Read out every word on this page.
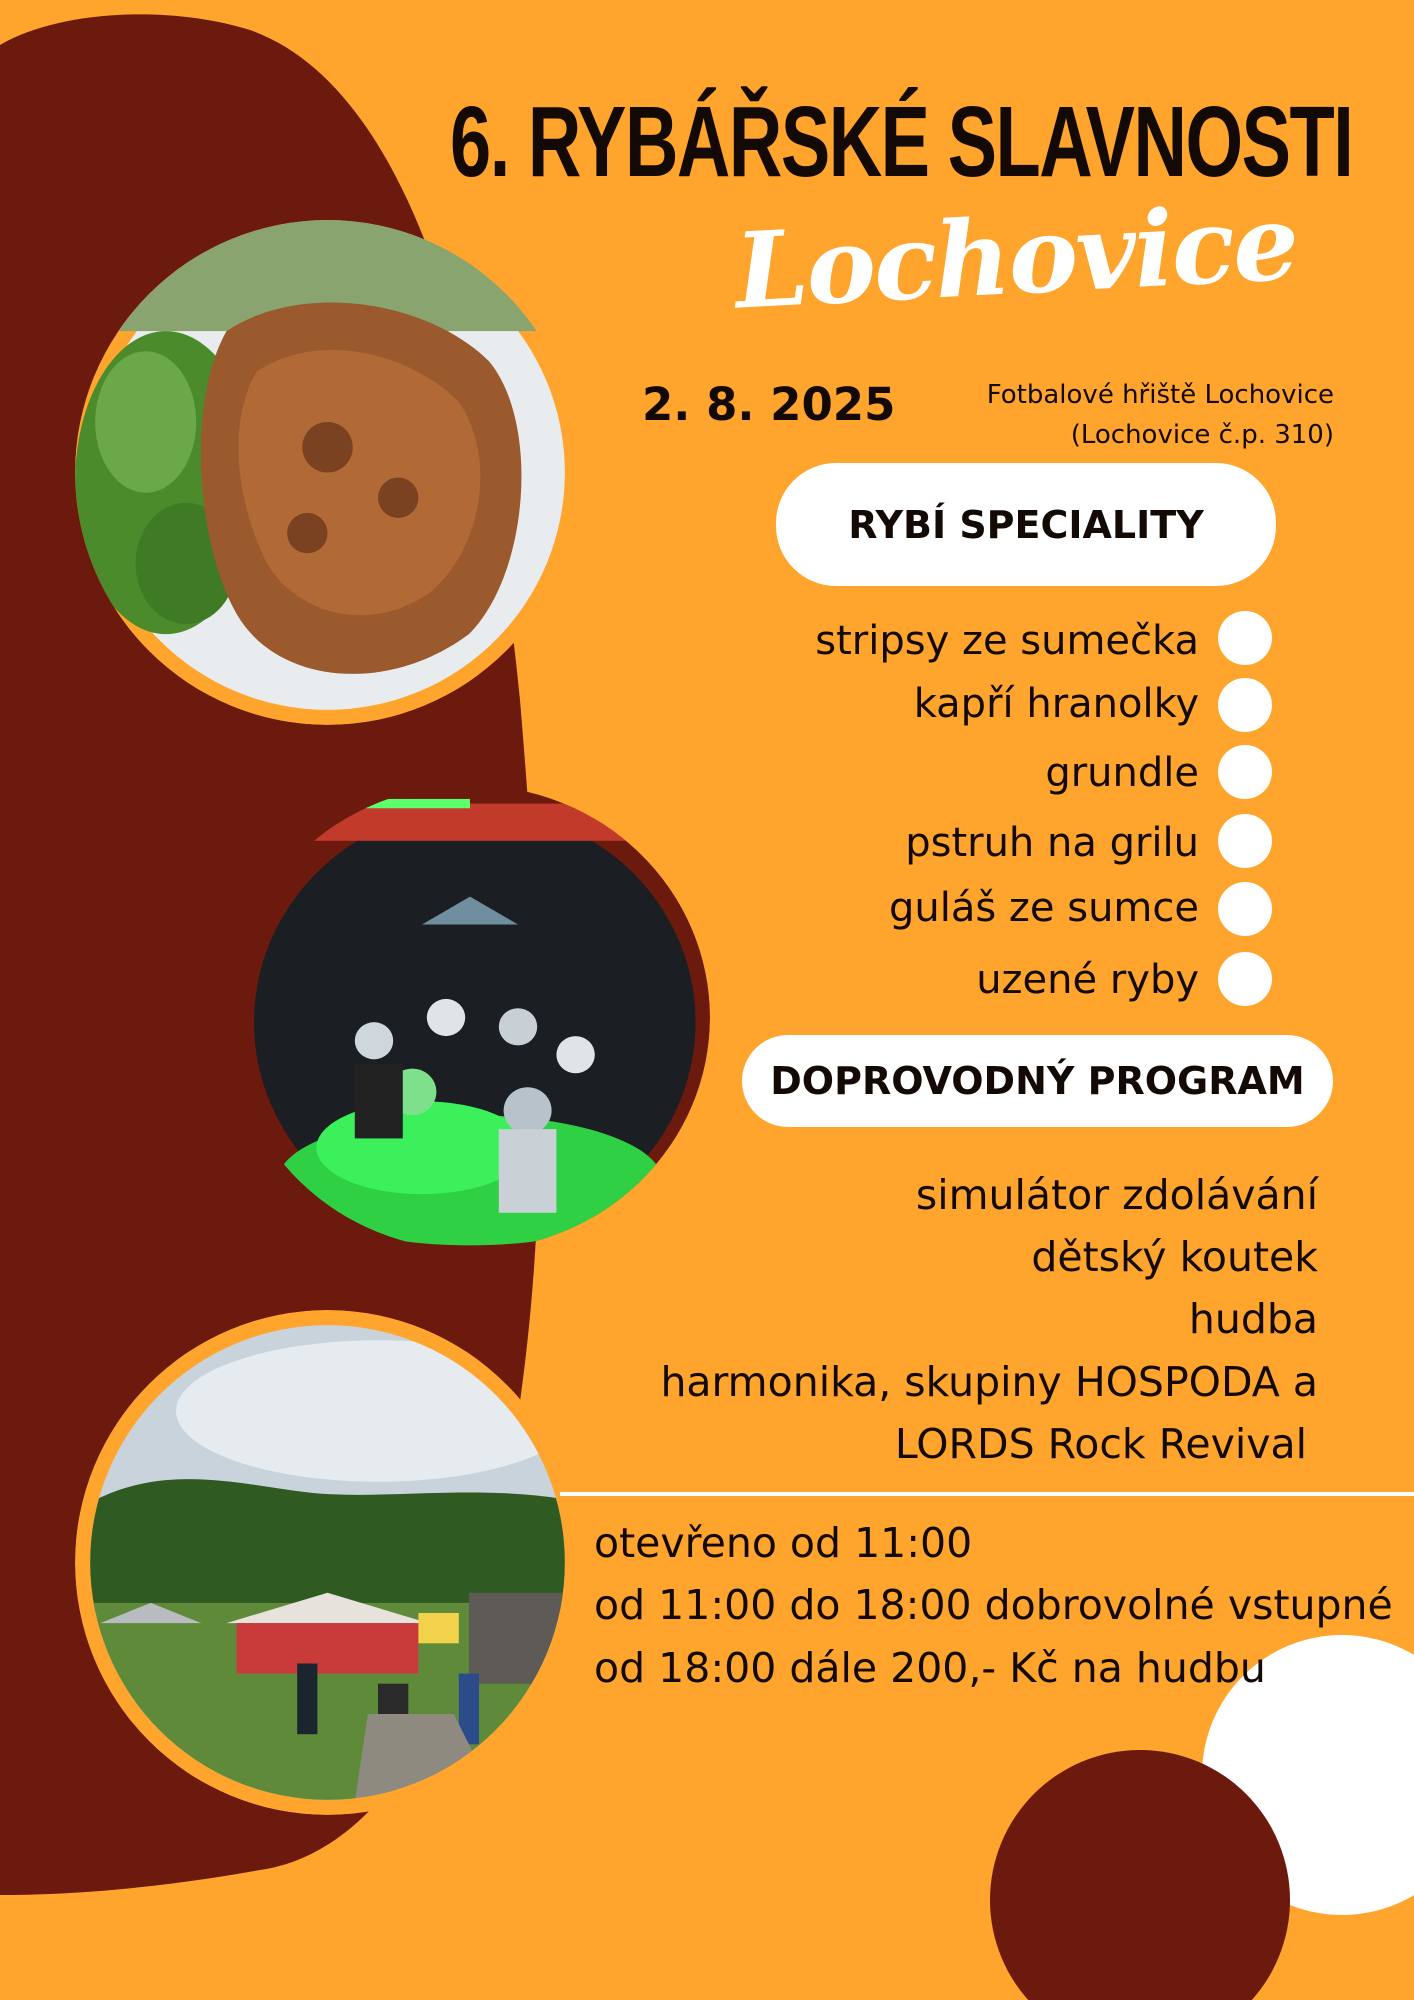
6. RYBÁŘSKÉ SLAVNOSTI
Lochovice
2. 8. 2025	Fotbalové hřiště Lochovice
(Lochovice č.p. 310)
RYBÍ SPECIALITY
stripsy ze sumečka
kapří hranolky
grundle
pstruh na grilu
guláš ze sumce
uzené ryby
DOPROVODNÝ PROGRAM
simulátor zdolávání
dětský koutek
hudba
harmonika, skupiny HOSPODA a
LORDS Rock Revival
otevřeno od 11:00
od 11:00 do 18:00 dobrovolné vstupné
od 18:00 dále 200,- Kč na hudbu
